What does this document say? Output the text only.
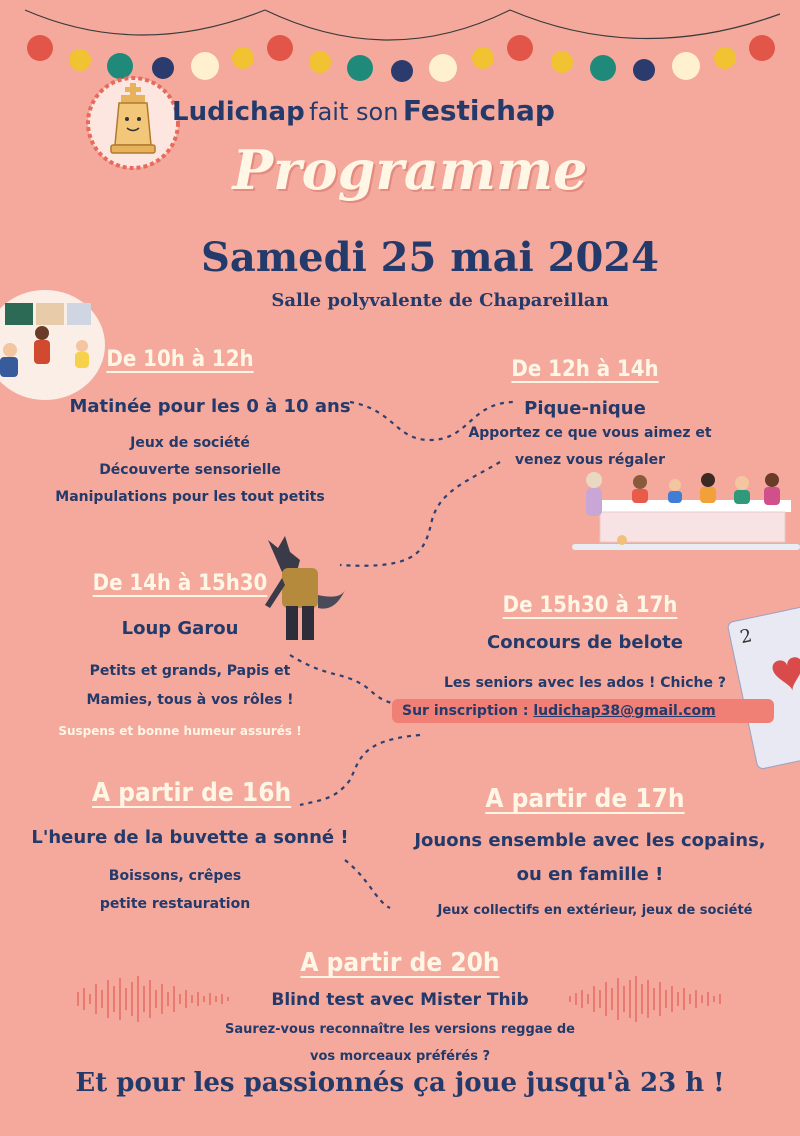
2
Ludichap fait son Festichap
Programme
Samedi 25 mai 2024
Salle polyvalente de Chapareillan
De 10h à 12h
Matinée pour les 0 à 10 ans
Jeux de société
Découverte sensorielle
Manipulations pour les tout petits
De 12h à 14h
Pique-nique
Apportez ce que vous aimez et
venez vous régaler
De 14h à 15h30
Loup Garou
Petits et grands, Papis et
Mamies, tous à vos rôles !
Suspens et bonne humeur assurés !
De 15h30 à 17h
Concours de belote
Les seniors avec les ados ! Chiche ?
Sur inscription : ludichap38@gmail.com
A partir de 16h
L'heure de la buvette a sonné !
Boissons, crêpes
petite restauration
A partir de 17h
Jouons ensemble avec les copains,
ou en famille !
Jeux collectifs en extérieur, jeux de société
A partir de 20h
Blind test avec Mister Thib
Saurez-vous reconnaître les versions reggae de
vos morceaux préférés ?
Et pour les passionnés ça joue jusqu'à 23 h !
